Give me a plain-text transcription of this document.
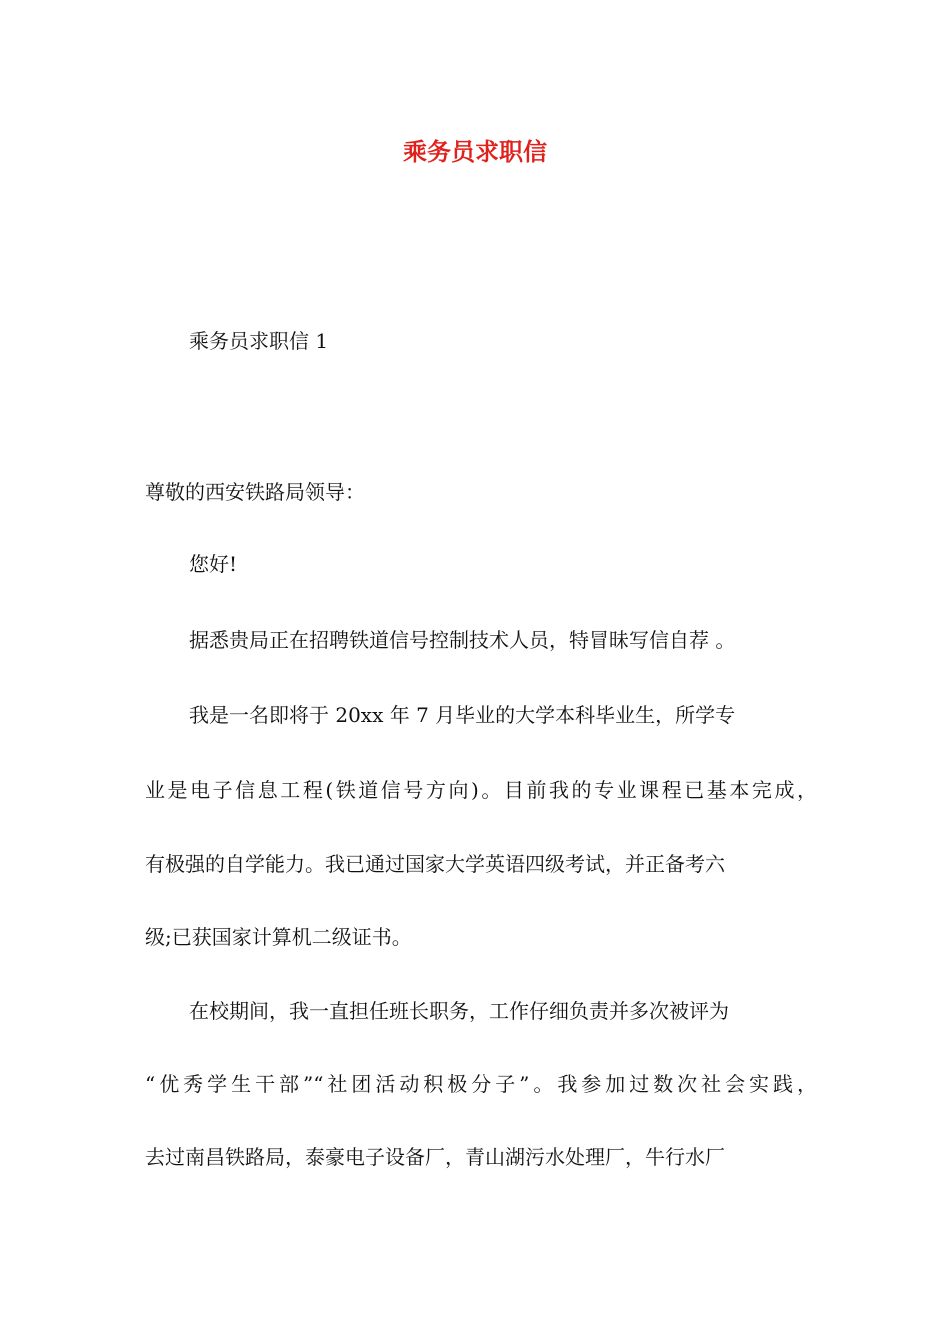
乘务员求职信

乘务员求职信 1

尊敬的西安铁路局领导：

您好!

据悉贵局正在招聘铁道信号控制技术人员，特冒昧写信自荐 。

我是一名即将于 20xx 年 7 月毕业的大学本科毕业生，所学专

业是电子信息工程(铁道信号方向)。目前我的专业课程已基本完成，

有极强的自学能力。我已通过国家大学英语四级考试，并正备考六

级;已获国家计算机二级证书。

在校期间，我一直担任班长职务，工作仔细负责并多次被评为

“优秀学生干部”“社团活动积极分子”。我参加过数次社会实践，

去过南昌铁路局，泰豪电子设备厂，青山湖污水处理厂，牛行水厂
